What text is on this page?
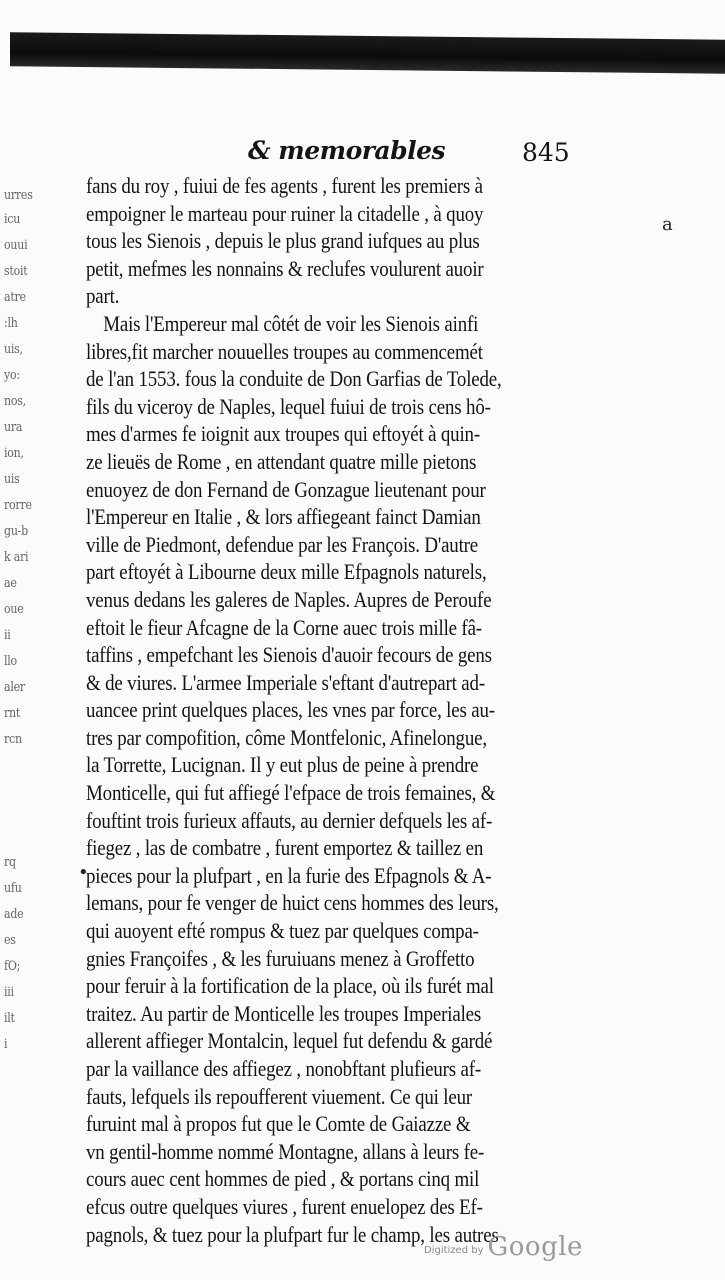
& memorables	845
urres
icu
ouui
stoit
atre
:lh
uis,
yo:
nos,
ura
ion,
uis
rorre
gu-b
k ari
ae
oue
ii
llo
aler
rnt
rcn
rq
ufu
ade
es
fO;
iii
ilt
i
a
•
fans du roy , fuiui de fes agents , furent les premiers à
empoigner le marteau pour ruiner la citadelle , à quoy
tous les Sienois , depuis le plus grand iufques au plus
petit, mefmes les nonnains & reclufes voulurent auoir
part.
Mais l'Empereur mal côtét de voir les Sienois ainfi
libres,fit marcher nouuelles troupes au commencemét
de l'an 1553. fous la conduite de Don Garfias de Tolede,
fils du viceroy de Naples, lequel fuiui de trois cens hô-
mes d'armes fe ioignit aux troupes qui eftoyét à quin-
ze lieuës de Rome , en attendant quatre mille pietons
enuoyez de don Fernand de Gonzague lieutenant pour
l'Empereur en Italie , & lors affiegeant fainct Damian
ville de Piedmont, defendue par les François. D'autre
part eftoyét à Libourne deux mille Efpagnols naturels,
venus dedans les galeres de Naples. Aupres de Peroufe
eftoit le fieur Afcagne de la Corne auec trois mille fâ-
taffins , empefchant les Sienois d'auoir fecours de gens
& de viures. L'armee Imperiale s'eftant d'autrepart ad-
uancee print quelques places, les vnes par force, les au-
tres par compofition, côme Montfelonic, Afinelongue,
la Torrette, Lucignan. Il y eut plus de peine à prendre
Monticelle, qui fut affiegé l'efpace de trois femaines, &
fouftint trois furieux affauts, au dernier defquels les af-
fiegez , las de combatre , furent emportez & taillez en
pieces pour la plufpart , en la furie des Efpagnols & A-
lemans, pour fe venger de huict cens hommes des leurs,
qui auoyent efté rompus & tuez par quelques compa-
gnies Françoifes , & les furuiuans menez à Groffetto
pour feruir à la fortification de la place, où ils furét mal
traitez. Au partir de Monticelle les troupes Imperiales
allerent affieger Montalcin, lequel fut defendu & gardé
par la vaillance des affiegez , nonobftant plufieurs af-
fauts, lefquels ils repoufferent viuement. Ce qui leur
furuint mal à propos fut que le Comte de Gaiazze &
vn gentil-homme nommé Montagne, allans à leurs fe-
cours auec cent hommes de pied , & portans cinq mil
efcus outre quelques viures , furent enuelopez des Ef-
pagnols, & tuez pour la plufpart fur le champ, les autres
Digitized by Google
